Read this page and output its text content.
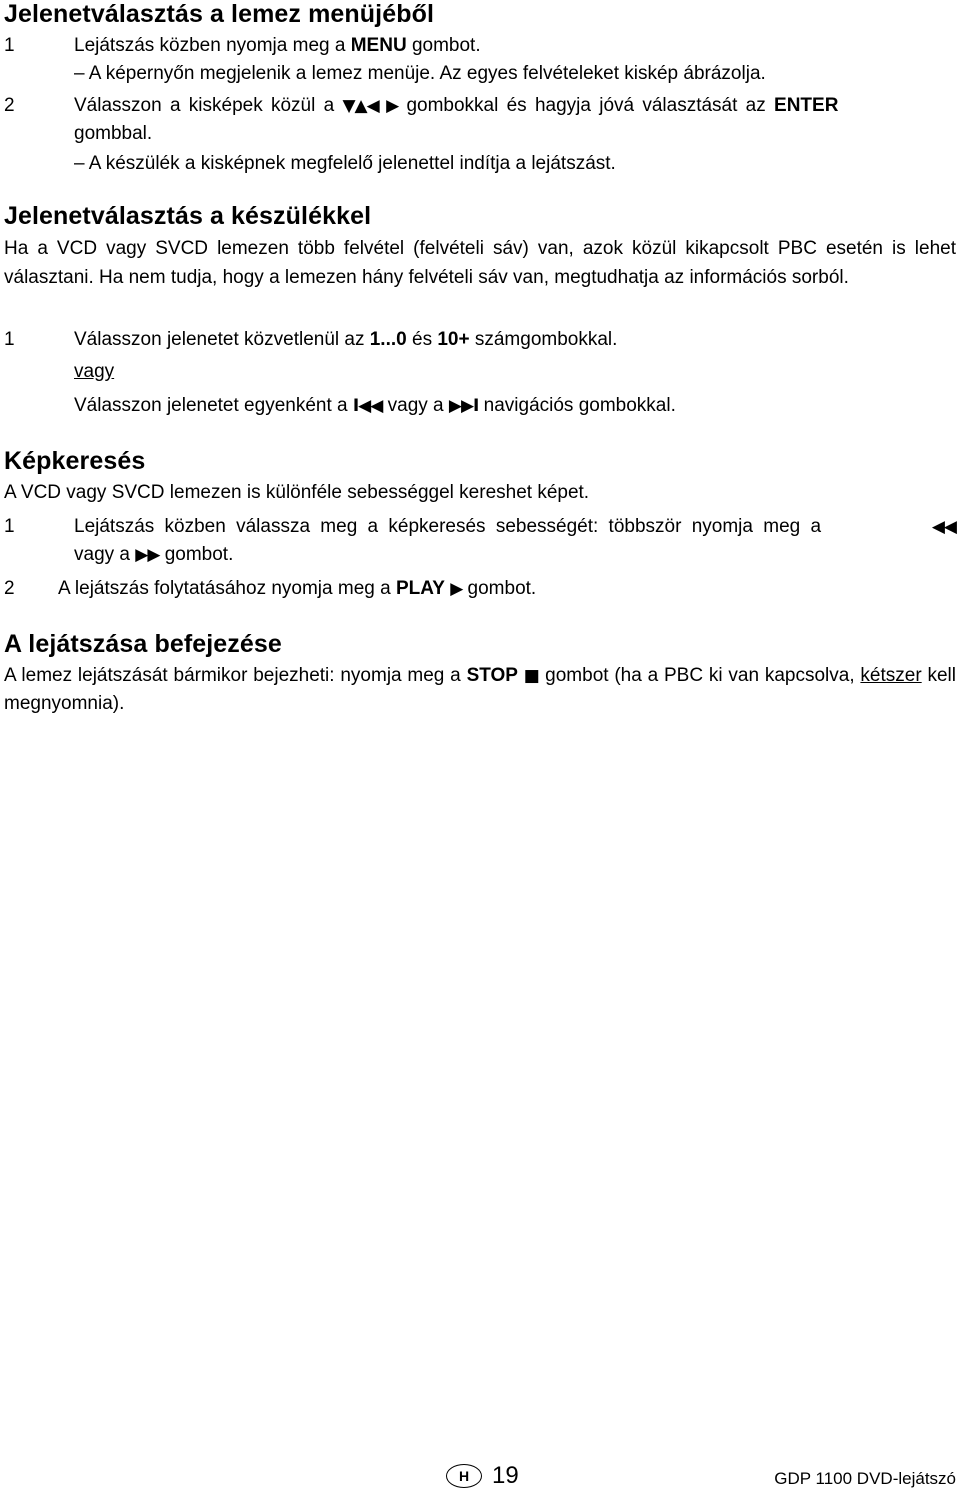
Jelenetválasztás a lemez menüjéből
1	Lejátszás közben nyomja meg a MENU gombot.
– A képernyőn megjelenik a lemez menüje. Az egyes felvételeket kiskép ábrázolja.
2	Válasszon a kisképek közül a ▼▲◀ ▶ gombokkal és hagyja jóvá választását az ENTER
gombbal.
– A készülék a kisképnek megfelelő jelenettel indítja a lejátszást.
Jelenetválasztás a készülékkel
Ha a VCD vagy SVCD lemezen több felvétel (felvételi sáv) van, azok közül kikapcsolt PBC esetén is lehet választani. Ha nem tudja, hogy a lemezen hány felvételi sáv van, megtudhatja az információs sorból.
1	Válasszon jelenetet közvetlenül az 1...0 és 10+ számgombokkal.
vagy
Válasszon jelenetet egyenként a I◀◀ vagy a ▶▶I navigációs gombokkal.
Képkeresés
A VCD vagy SVCD lemezen is különféle sebességgel kereshet képet.
1	Lejátszás közben válassza meg a képkeresés sebességét: többször nyomja meg a	◀◀
vagy a ▶▶ gombot.
2	A lejátszás folytatásához nyomja meg a PLAY ▶ gombot.
A lejátszása befejezése
A lemez lejátszását bármikor bejezheti: nyomja meg a STOP ■ gombot (ha a PBC ki van kapcsolva, kétszer kell megnyomnia).
H 19	GDP 1100 DVD-lejátszó
